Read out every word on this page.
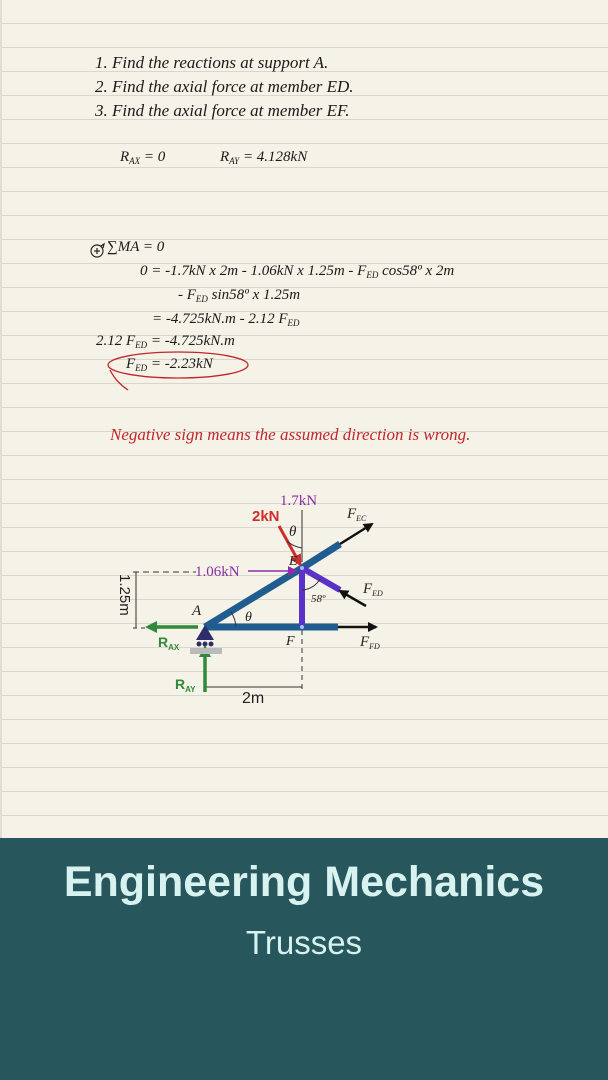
1. Find the reactions at support A.
2. Find the axial force at member ED.
3. Find the axial force at member EF.
$R_{AX} = 0$	$R_{AY} = 4.128kN$
∑MA = 0
0 = -1.7kN x 2m - 1.06kN x $1.25m - F_{ED}$ cos58º x 2m
- $F_{ED}$ sin58º x 1.25m
= -4.725kN.m - 2.12 $F_{ED}$
2.12 $F_{ED} = -4.725kN.m$
$F_{ED} = -2.23kN$
Negative sign means the assumed direction is wrong.
1.7kN
2kN
θ
1.06kN
E
A	θ
F
58º
1.25m
2m
$F_{EC}$
$F_{ED}$
$F_{FD}$
$R_{AX}$
$R_{AY}$
Engineering Mechanics
Trusses
